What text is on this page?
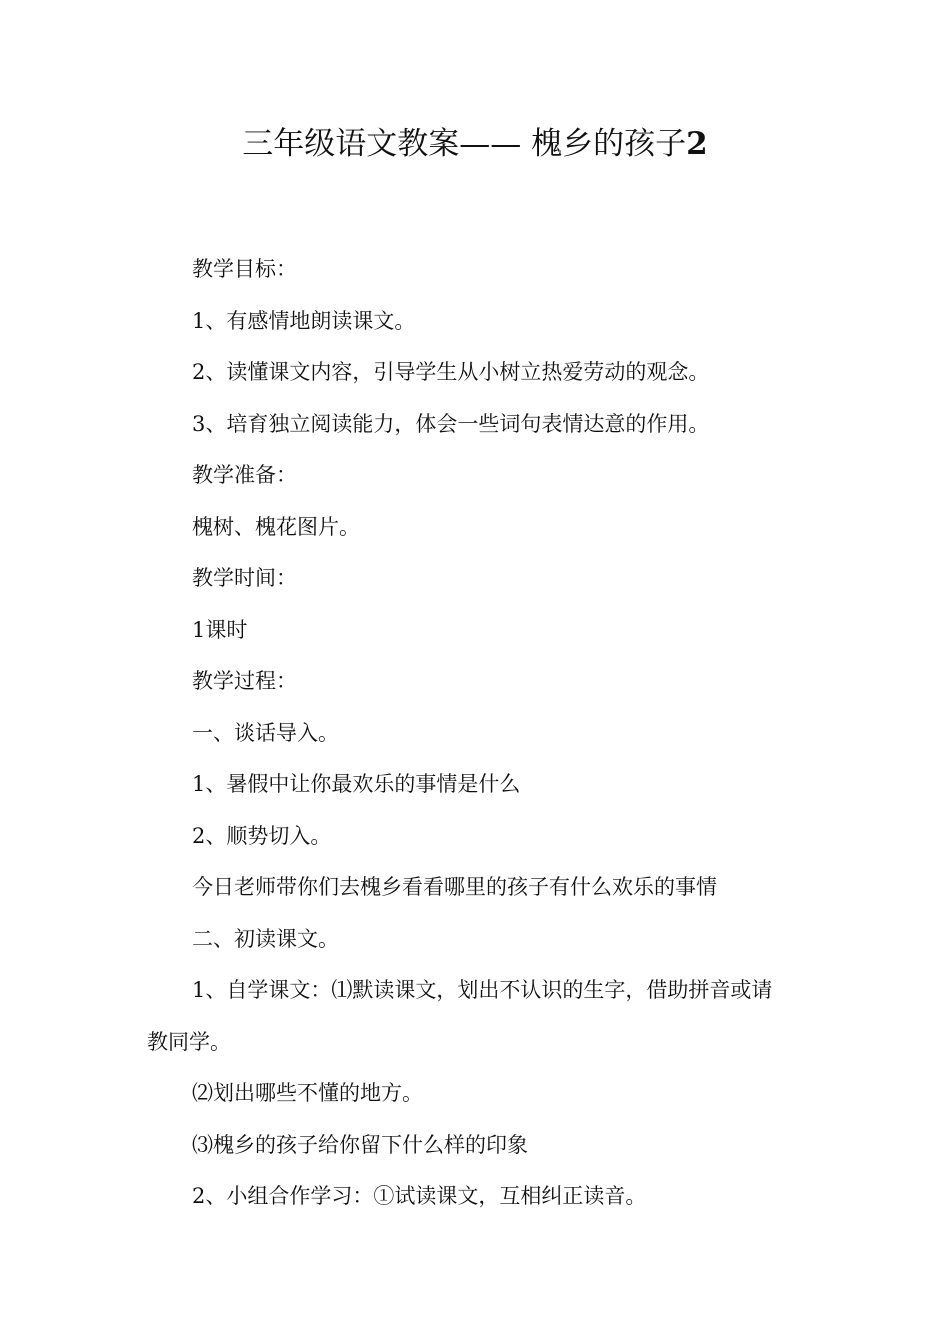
三年级语文教案—— 槐乡的孩子2

教学目标：

1、有感情地朗读课文。

2、读懂课文内容，引导学生从小树立热爱劳动的观念。

3、培育独立阅读能力，体会一些词句表情达意的作用。

教学准备：

槐树、槐花图片。

教学时间：

1课时

教学过程：

一、谈话导入。

1、暑假中让你最欢乐的事情是什么

2、顺势切入。

今日老师带你们去槐乡看看哪里的孩子有什么欢乐的事情

二、初读课文。

1、自学课文：⑴默读课文，划出不认识的生字，借助拼音或请教同学。

⑵划出哪些不懂的地方。

⑶槐乡的孩子给你留下什么样的印象

2、小组合作学习：①试读课文，互相纠正读音。
